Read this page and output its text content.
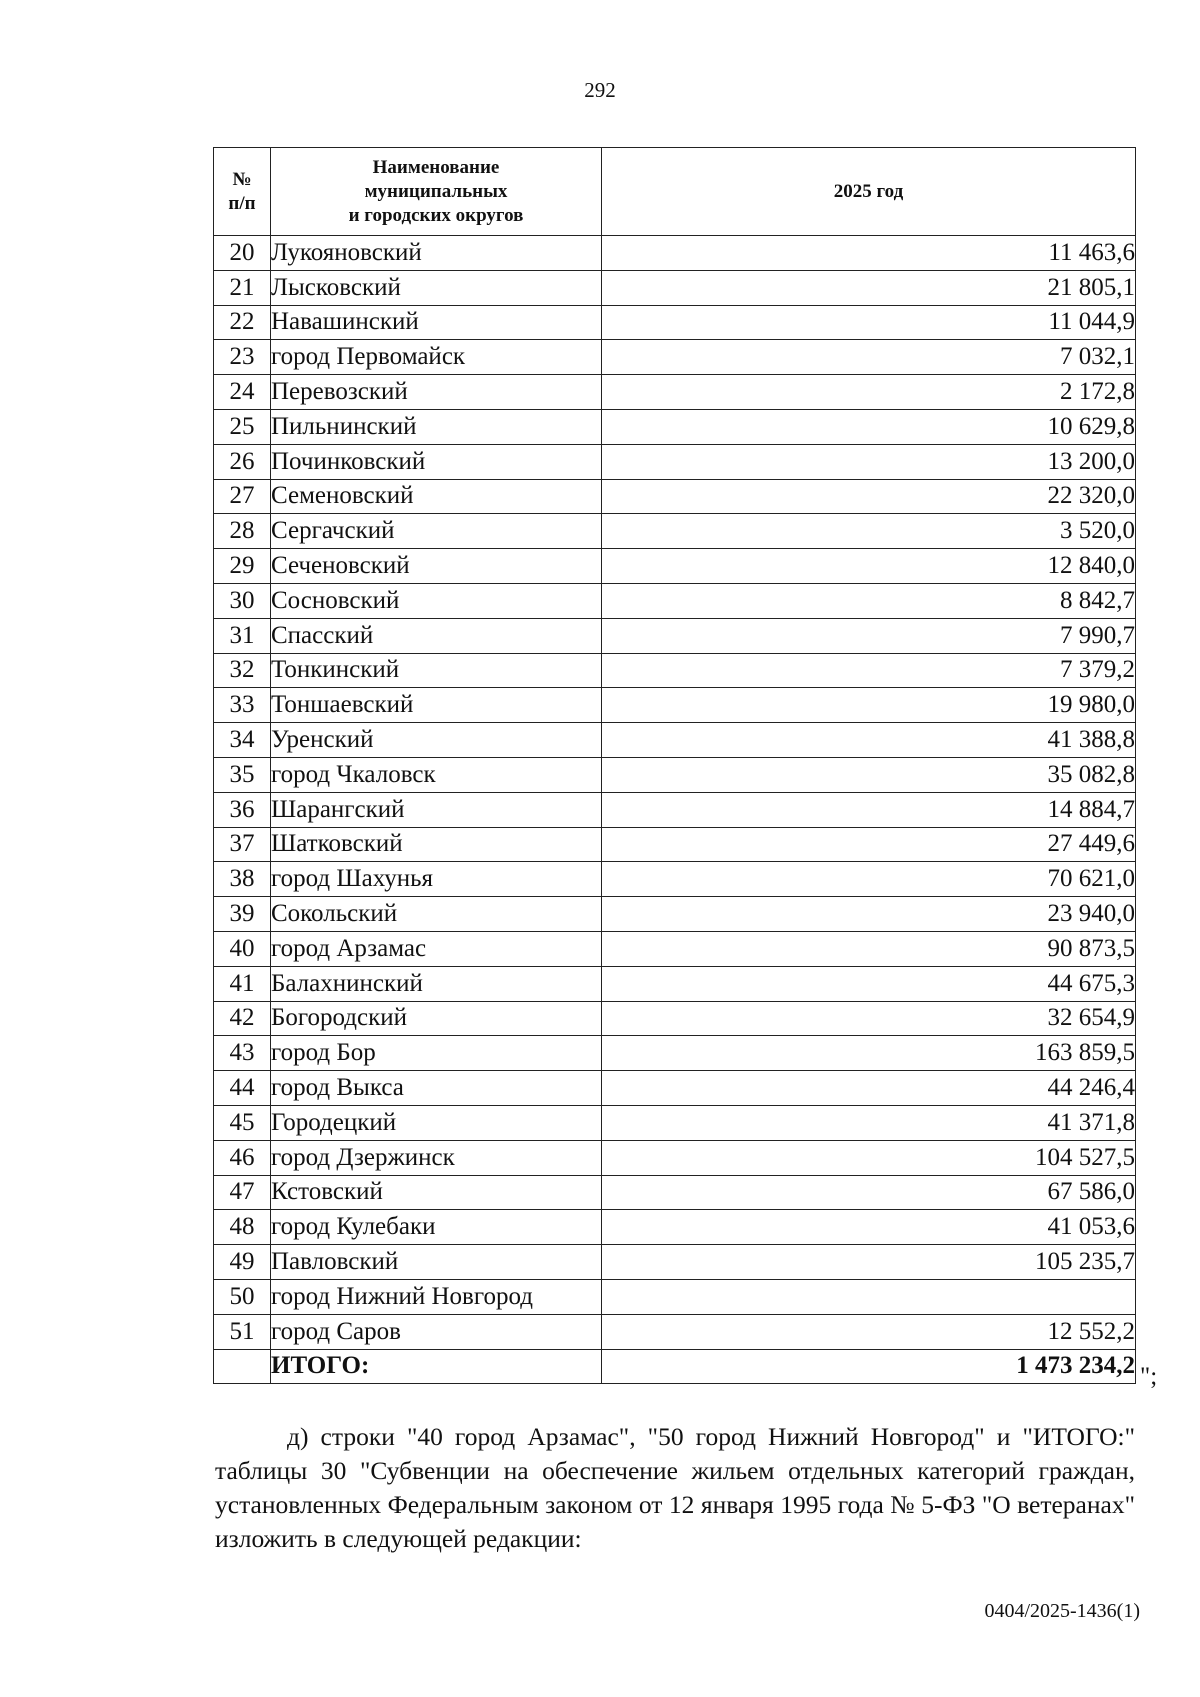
292
№
п/п	Наименование
муниципальных
и городских округов	2025 год
20	Лукояновский	11 463,6
21	Лысковский	21 805,1
22	Навашинский	11 044,9
23	город Первомайск	7 032,1
24	Перевозский	2 172,8
25	Пильнинский	10 629,8
26	Починковский	13 200,0
27	Семеновский	22 320,0
28	Сергачский	3 520,0
29	Сеченовский	12 840,0
30	Сосновский	8 842,7
31	Спасский	7 990,7
32	Тонкинский	7 379,2
33	Тоншаевский	19 980,0
34	Уренский	41 388,8
35	город Чкаловск	35 082,8
36	Шарангский	14 884,7
37	Шатковский	27 449,6
38	город Шахунья	70 621,0
39	Сокольский	23 940,0
40	город Арзамас	90 873,5
41	Балахнинский	44 675,3
42	Богородский	32 654,9
43	город Бор	163 859,5
44	город Выкса	44 246,4
45	Городецкий	41 371,8
46	город Дзержинск	104 527,5
47	Кстовский	67 586,0
48	город Кулебаки	41 053,6
49	Павловский	105 235,7
50	город Нижний Новгород	
51	город Саров	12 552,2
	ИТОГО:	1 473 234,2 ";
д) строки "40 город Арзамас", "50 город Нижний Новгород" и "ИТОГО:" таблицы 30 "Субвенции на обеспечение жильем отдельных категорий граждан, установленных Федеральным законом от 12 января 1995 года № 5-ФЗ "О ветеранах" изложить в следующей редакции:
0404/2025-1436(1)
